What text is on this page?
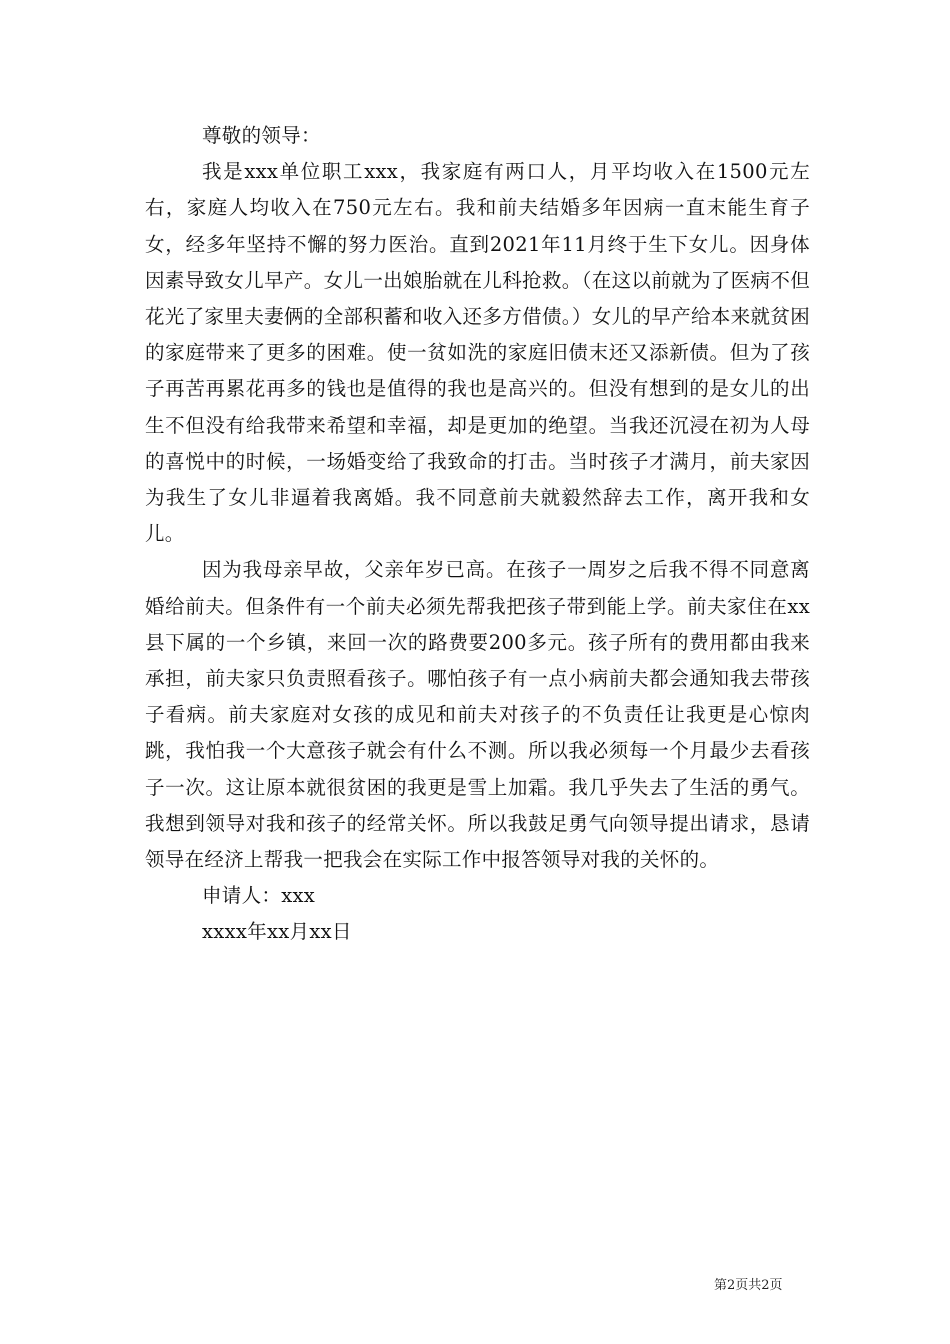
尊敬的领导：

我是xxx单位职工xxx，我家庭有两口人，月平均收入在1500元左右，家庭人均收入在750元左右。我和前夫结婚多年因病一直末能生育子女，经多年坚持不懈的努力医治。直到2021年11月终于生下女儿。因身体因素导致女儿早产。女儿一出娘胎就在儿科抢救。（在这以前就为了医病不但花光了家里夫妻俩的全部积蓄和收入还多方借债。）女儿的早产给本来就贫困的家庭带来了更多的困难。使一贫如洗的家庭旧债末还又添新债。但为了孩子再苦再累花再多的钱也是值得的我也是高兴的。但没有想到的是女儿的出生不但没有给我带来希望和幸福，却是更加的绝望。当我还沉浸在初为人母的喜悦中的时候，一场婚变给了我致命的打击。当时孩子才满月，前夫家因为我生了女儿非逼着我离婚。我不同意前夫就毅然辞去工作，离开我和女儿。

因为我母亲早故，父亲年岁已高。在孩子一周岁之后我不得不同意离婚给前夫。但条件有一个前夫必须先帮我把孩子带到能上学。前夫家住在xx县下属的一个乡镇，来回一次的路费要200多元。孩子所有的费用都由我来承担，前夫家只负责照看孩子。哪怕孩子有一点小病前夫都会通知我去带孩子看病。前夫家庭对女孩的成见和前夫对孩子的不负责任让我更是心惊肉跳，我怕我一个大意孩子就会有什么不测。所以我必须每一个月最少去看孩子一次。这让原本就很贫困的我更是雪上加霜。我几乎失去了生活的勇气。我想到领导对我和孩子的经常关怀。所以我鼓足勇气向领导提出请求，恳请领导在经济上帮我一把我会在实际工作中报答领导对我的关怀的。

申请人：xxx

xxxx年xx月xx日

第2页共2页
